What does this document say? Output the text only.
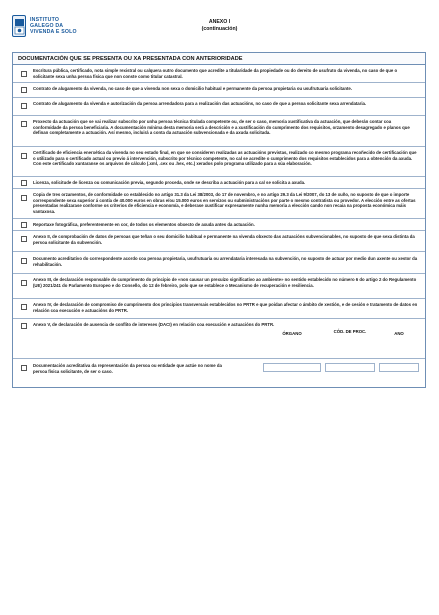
INSTITUTO
GALEGO DA
VIVENDA E SOLO
ANEXO I
(continuación)
DOCUMENTACIÓN QUE SE PRESENTA OU XA PRESENTADA CON ANTERIORIDADE
Escritura pública, certificado, nota simple rexistral ou calquera outro documento que acredite a titularidade da propiedade ou do dereito de usufruto da vivenda, no caso de que o solicitante sexa unha persoa física que non conste como titular catastral.
Contrato de alugamento da vivenda, no caso de que a vivenda non sexa o domicilio habitual e permanente da persoa propietaria ou usufrutuaria solicitante.
Contrato de alugamento da vivenda e autorización da persoa arrendadora para a realización das actuacións, no caso de que a persoa solicitante sexa arrendataria.
Proxecto da actuación que se vai realizar subscrito por unha persoa técnica titulada competente ou, de ser o caso, memoria xustificativa da actuación, que deberán contar coa conformidade da persoa beneficiaria. A documentación mínima desta memoria será a descrición e a xustificación do cumprimento dos requisitos, orzamento desagregado e planos que definan completamente a actuación. Así mesmo, incluirá a conta da actuación subvencionada e da axuda solicitada.
Certificado de eficiencia enerxética da vivenda no seu estado final, en que se consideren realizadas as actuacións previstas, realizado co mesmo programa recoñecido de certificación que o utilizado para o certificado actual ou previo á intervención, subscrito por técnico competente, no cal se acredite o cumprimento dos requisitos establecidos para a obtención da axuda. Con este certificado xuntaranse os arquivos de cálculo (.xml, .cex ou .hex, etc.) xerados polo programa utilizado para a súa elaboración.
Licenza, solicitude de licenza ou comunicación previa, segundo proceda, onde se describa a actuación para a cal se solicita a axuda.
Copia de tres orzamentos, de conformidade co establecido no artigo 31.3 da Lei 38/2003, do 17 de novembro, e no artigo 29.3 da Lei 9/2007, do 13 de xuño, no suposto de que o importe correspondente sexa superior á contía de 40.000 euros en obras e/ou 15.000 euros en servizos ou subministracións por parte o mesmo contratista ou provedor. A elección entre as ofertas presentadas realizarase conforme os criterios de eficiencia e economía, e deberase xustificar expresamente nunha memoria a elección cando non recaia na proposta económica máis vantaxosa.
Reportaxe fotográfica, preferentemente en cor, de todos os elementos obxecto de axuda antes da actuación.
Anexo II, de comprobación de datos de persoas que teñan o seu domicilio habitual e permanente na vivenda obxecto das actuacións subvencionables, no suposto de que sexa distinta da persoa solicitante da subvención.
Documento acreditativo do correspondente acordo coa persoa propietaria, usufrutuaria ou arrendataria interesada na subvención, no suposto de actuar por medio dun axente ou xestor da rehabilitación.
Anexo III, de declaración responsable do cumprimento do principio de «non causar un prexuízo significativo ao ambiente» no sentido establecido no número 6 do artigo 2 do Regulamento (UE) 2021/241 do Parlamento Europeo e do Consello, do 12 de febreiro, polo que se establece o Mecanismo de recuperación e resiliencia.
Anexo IV, de declaración de compromiso de cumprimento dos principios transversais establecidos no PRTR e que poidan afectar o ámbito de xestión, e de cesión e tratamento de datos en relación coa execución e actuacións do PRTR.
Anexo V, de declaración de ausencia de conflito de intereses (DACI) en relación coa execución e actuacións do PRTR.
ÓRGANO	CÓD. DE PROC.	ANO
Documentación acreditativa da representación da persoa ou entidade que actúe no nome da persoa física solicitante, de ser o caso.
